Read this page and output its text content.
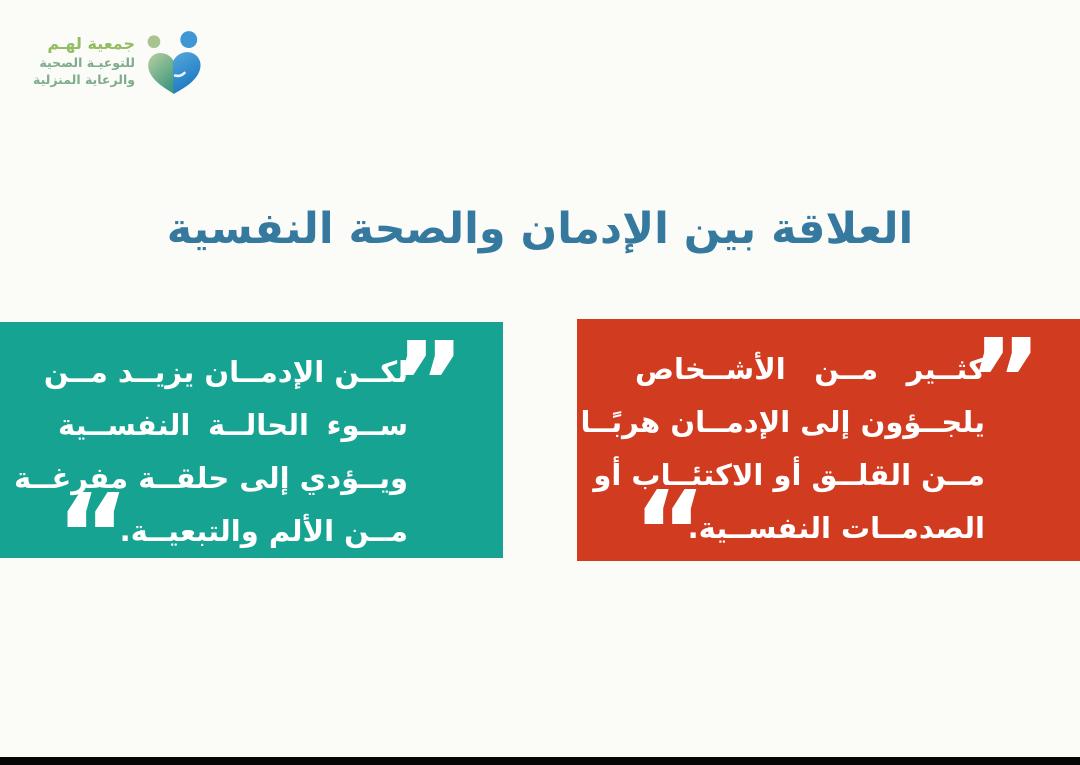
جمعية لهـم
للتوعيـة الصحية
والرعاية المنزلية
العلاقة بين الإدمان والصحة النفسية
”
لكــن الإدمــان يزيــد مــن
ســوء الحالــة النفســية
ويــؤدي إلى حلقــة مفرغــة
مــن الألم والتبعيــة.
“
”
كثــير مــن الأشــخاص
يلجــؤون إلى الإدمــان هربًــا
مــن القلــق أو الاكتئــاب أو
الصدمــات النفســية.
“
